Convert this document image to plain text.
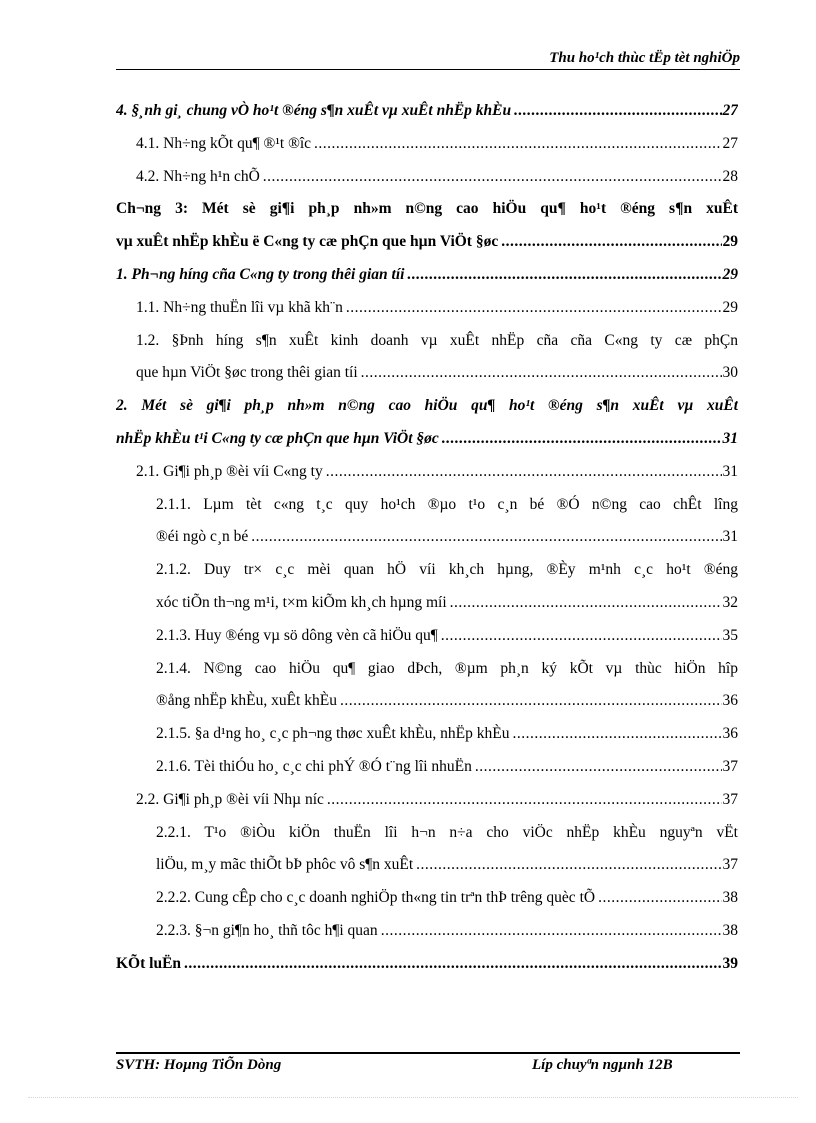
Thu ho¹ch thùc tËp tèt nghiÖp
4. §¸nh gi¸ chung vÒ ho¹t ®éng s¶n xuÊt vµ xuÊt nhËp khÈu .....	27
4.1. Nh÷ng kÕt qu¶ ®¹t ®îc .....	27
4.2. Nh÷ng h¹n chÕ .....	28
Ch¬ng 3: Mét sè gi¶i ph¸p nh»m n©ng cao hiÖu qu¶ ho¹t ®éng s¶n xuÊt
vµ xuÊt nhËp khÈu ë C«ng ty cæ phÇn que hµn ViÖt §øc .....	29
1. Ph¬ng híng cña C«ng ty trong thêi gian tíi .....	29
1.1. Nh÷ng thuËn lîi vµ khã kh¨n .....	29
1.2. §Þnh híng s¶n xuÊt kinh doanh vµ xuÊt nhËp cña cña C«ng ty cæ phÇn
que hµn ViÖt §øc trong thêi gian tíi .....	30
2. Mét sè gi¶i ph¸p nh»m n©ng cao hiÖu qu¶ ho¹t ®éng s¶n xuÊt vµ xuÊt
nhËp khÈu t¹i C«ng ty cæ phÇn que hµn ViÖt §øc .....	31
2.1. Gi¶i ph¸p ®èi víi C«ng ty .....	31
2.1.1. Lµm tèt c«ng t¸c quy ho¹ch ®µo t¹o c¸n bé ®Ó n©ng cao chÊt lîng
®éi ngò c¸n bé .....	31
2.1.2. Duy tr× c¸c mèi quan hÖ víi kh¸ch hµng, ®Èy m¹nh c¸c ho¹t ®éng
xóc tiÕn th¬ng m¹i, t×m kiÕm kh¸ch hµng míi .....	32
2.1.3. Huy ®éng vµ sö dông vèn cã hiÖu qu¶ .....	35
2.1.4. N©ng cao hiÖu qu¶ giao dÞch, ®µm ph¸n ký kÕt vµ thùc hiÖn hîp
®ång nhËp khÈu, xuÊt khÈu .....	36
2.1.5. §a d¹ng ho¸ c¸c ph¬ng thøc xuÊt khÈu, nhËp khÈu .....	36
2.1.6. Tèi thiÓu ho¸ c¸c chi phÝ ®Ó t¨ng lîi nhuËn .....	37
2.2. Gi¶i ph¸p ®èi víi Nhµ níc .....	37
2.2.1. T¹o ®iÒu kiÖn thuËn lîi h¬n n÷a cho viÖc nhËp khÈu nguyªn vËt
liÖu, m¸y mãc thiÕt bÞ phôc vô s¶n xuÊt .....	37
2.2.2. Cung cÊp cho c¸c doanh nghiÖp th«ng tin trªn thÞ trêng quèc tÕ .....	38
2.2.3. §¬n gi¶n ho¸ thñ tôc h¶i quan .....	38
KÕt luËn .....	39
SVTH: Hoµng TiÕn Dòng	Líp chuyªn ngµnh 12B
